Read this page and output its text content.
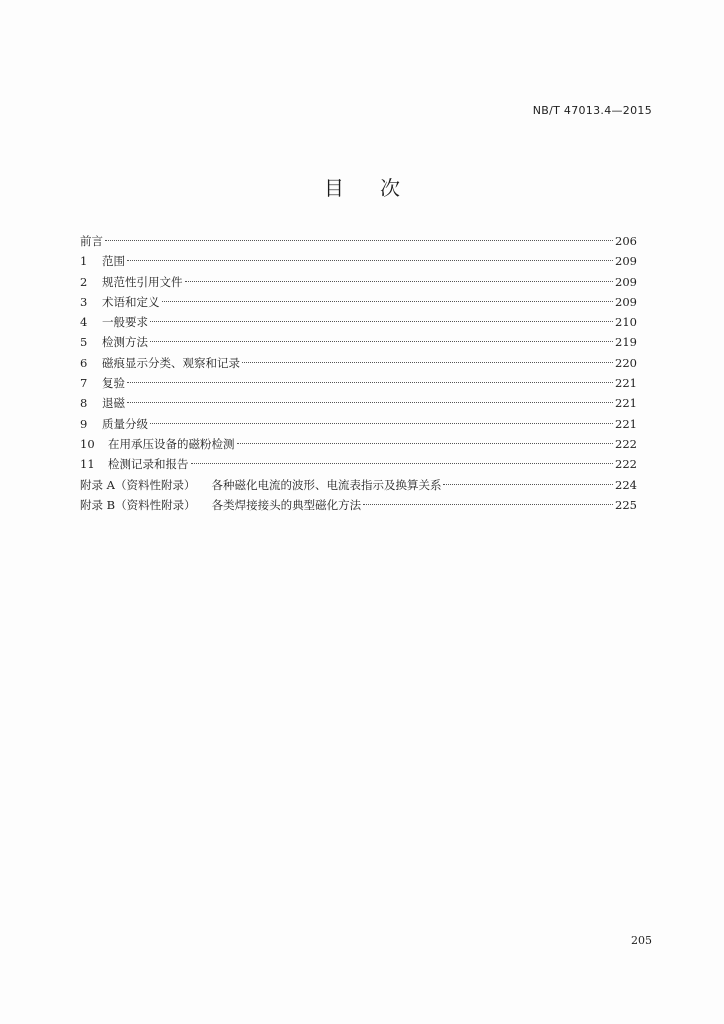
NB/T 47013.4—2015
目次
前言	206
1	范围	209
2	规范性引用文件	209
3	术语和定义	209
4	一般要求	210
5	检测方法	219
6	磁痕显示分类、观察和记录	220
7	复验	221
8	退磁	221
9	质量分级	221
10	在用承压设备的磁粉检测	222
11	检测记录和报告	222
附录 A（资料性附录）	各种磁化电流的波形、电流表指示及换算关系	224
附录 B（资料性附录）	各类焊接接头的典型磁化方法	225
205
